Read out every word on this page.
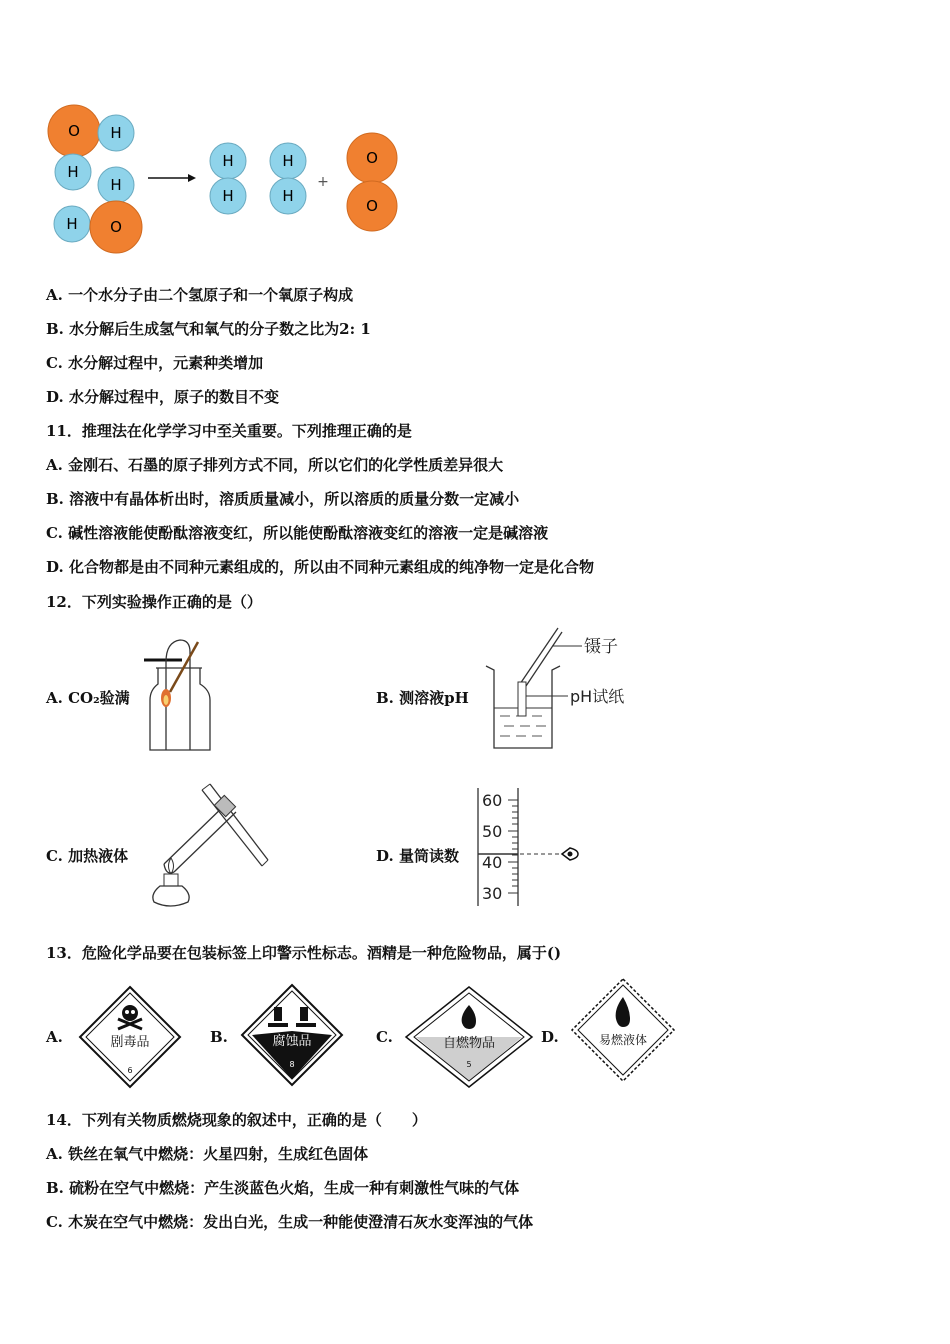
O H
H
H
H O
H
H
H
H
+
O
O
A. 一个水分子由二个氢原子和一个氧原子构成
B. 水分解后生成氢气和氧气的分子数之比为2: 1
C. 水分解过程中，元素种类增加
D. 水分解过程中，原子的数目不变
11．推理法在化学学习中至关重要。下列推理正确的是
A. 金刚石、石墨的原子排列方式不同，所以它们的化学性质差异很大
B. 溶液中有晶体析出时，溶质质量减小，所以溶质的质量分数一定减小
C. 碱性溶液能使酚酞溶液变红，所以能使酚酞溶液变红的溶液一定是碱溶液
D. 化合物都是由不同种元素组成的，所以由不同种元素组成的纯净物一定是化合物
12．下列实验操作正确的是（）
A. CO₂验满	B. 测溶液pH
镊子
pH试纸
C. 加热液体	D. 量筒读数
60
50
40
30
13．危险化学品要在包装标签上印警示性标志。酒精是一种危险物品，属于()
A.	剧毒品
6
B.	腐蚀品
8
C.	自燃物品
5
D.	易燃液体
14．下列有关物质燃烧现象的叙述中，正确的是（　　）
A. 铁丝在氧气中燃烧：火星四射，生成红色固体
B. 硫粉在空气中燃烧：产生淡蓝色火焰，生成一种有刺激性气味的气体
C. 木炭在空气中燃烧：发出白光，生成一种能使澄清石灰水变浑浊的气体
